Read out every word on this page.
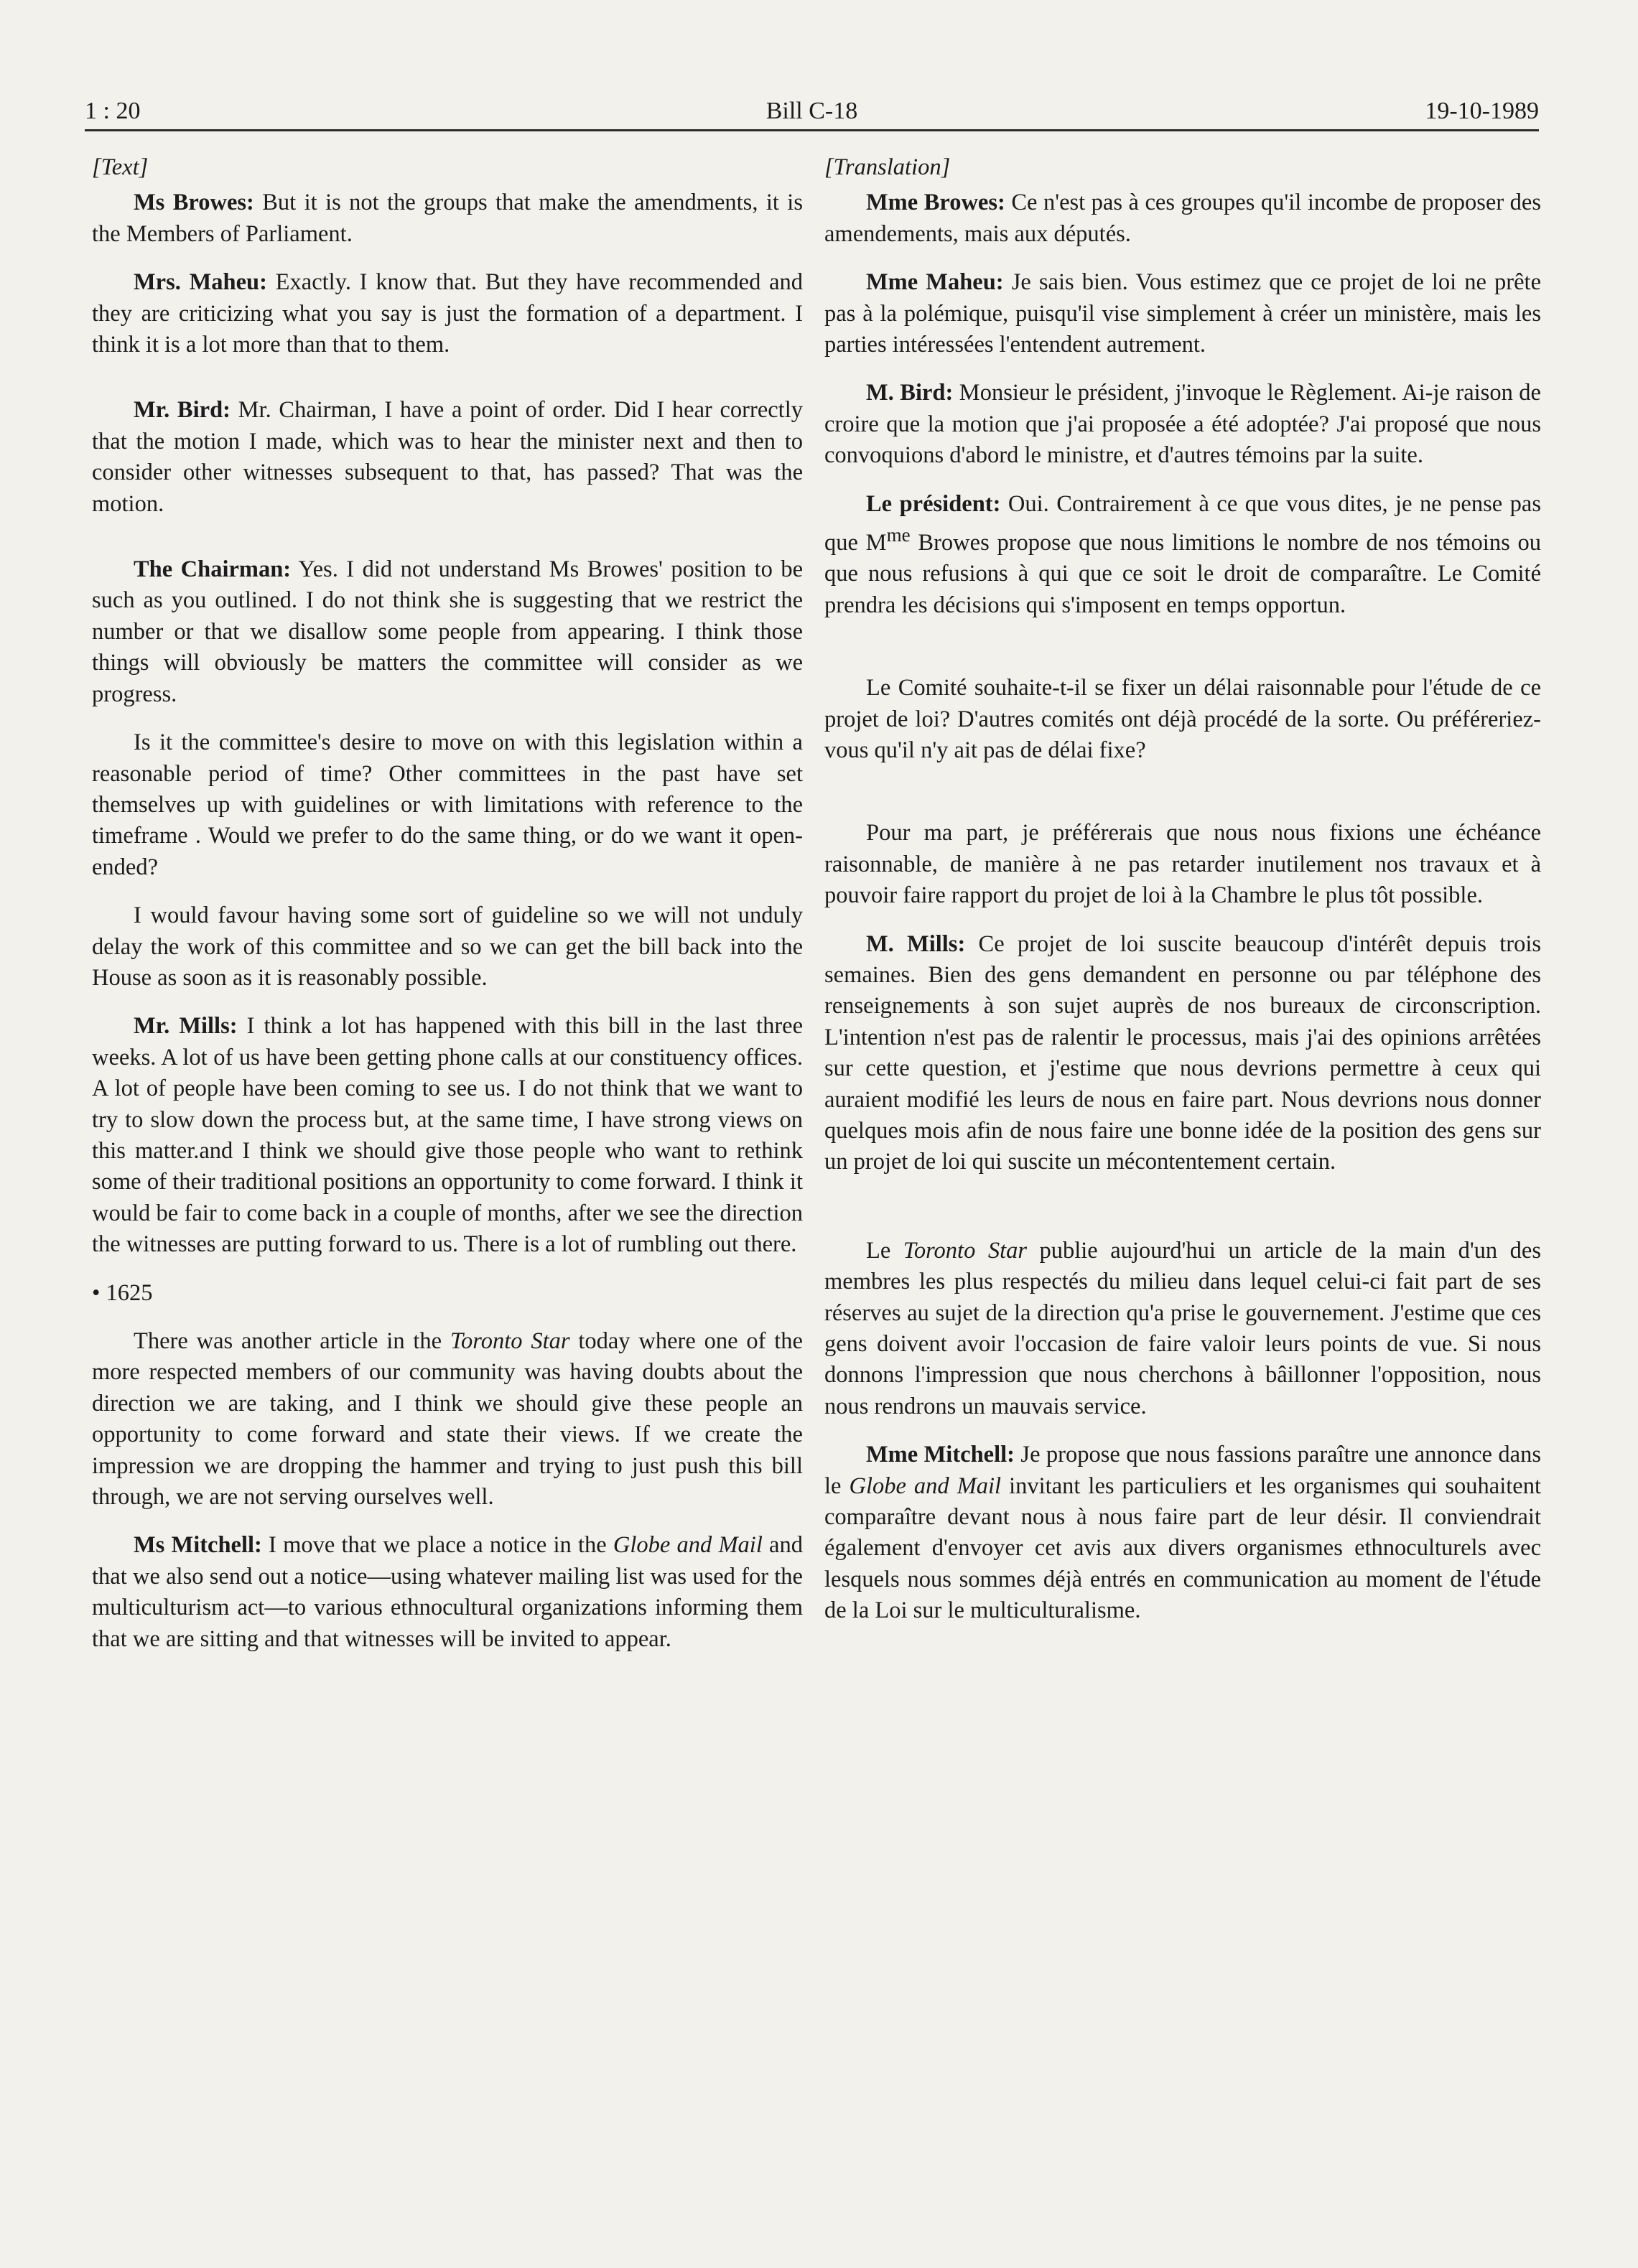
1 : 20	Bill C-18	19-10-1989

[Text]

Ms Browes: But it is not the groups that make the amendments, it is the Members of Parliament.

Mrs. Maheu: Exactly. I know that. But they have recommended and they are criticizing what you say is just the formation of a department. I think it is a lot more than that to them.

Mr. Bird: Mr. Chairman, I have a point of order. Did I hear correctly that the motion I made, which was to hear the minister next and then to consider other witnesses subsequent to that, has passed? That was the motion.

The Chairman: Yes. I did not understand Ms Browes' position to be such as you outlined. I do not think she is suggesting that we restrict the number or that we disallow some people from appearing. I think those things will obviously be matters the committee will consider as we progress.

Is it the committee's desire to move on with this legislation within a reasonable period of time? Other committees in the past have set themselves up with guidelines or with limitations with reference to the timeframe . Would we prefer to do the same thing, or do we want it open-ended?

I would favour having some sort of guideline so we will not unduly delay the work of this committee and so we can get the bill back into the House as soon as it is reasonably possible.

Mr. Mills: I think a lot has happened with this bill in the last three weeks. A lot of us have been getting phone calls at our constituency offices. A lot of people have been coming to see us. I do not think that we want to try to slow down the process but, at the same time, I have strong views on this matter.and I think we should give those people who want to rethink some of their traditional positions an opportunity to come forward. I think it would be fair to come back in a couple of months, after we see the direction the witnesses are putting forward to us. There is a lot of rumbling out there.

• 1625

There was another article in the Toronto Star today where one of the more respected members of our community was having doubts about the direction we are taking, and I think we should give these people an opportunity to come forward and state their views. If we create the impression we are dropping the hammer and trying to just push this bill through, we are not serving ourselves well.

Ms Mitchell: I move that we place a notice in the Globe and Mail and that we also send out a notice—using whatever mailing list was used for the multiculturism act—to various ethnocultural organizations informing them that we are sitting and that witnesses will be invited to appear.

[Translation]

Mme Browes: Ce n'est pas à ces groupes qu'il incombe de proposer des amendements, mais aux députés.

Mme Maheu: Je sais bien. Vous estimez que ce projet de loi ne prête pas à la polémique, puisqu'il vise simplement à créer un ministère, mais les parties intéressées l'entendent autrement.

M. Bird: Monsieur le président, j'invoque le Règlement. Ai-je raison de croire que la motion que j'ai proposée a été adoptée? J'ai proposé que nous convoquions d'abord le ministre, et d'autres témoins par la suite.

Le président: Oui. Contrairement à ce que vous dites, je ne pense pas que $M^{me}$ Browes propose que nous limitions le nombre de nos témoins ou que nous refusions à qui que ce soit le droit de comparaître. Le Comité prendra les décisions qui s'imposent en temps opportun.

Le Comité souhaite-t-il se fixer un délai raisonnable pour l'étude de ce projet de loi? D'autres comités ont déjà procédé de la sorte. Ou préféreriez-vous qu'il n'y ait pas de délai fixe?

Pour ma part, je préférerais que nous nous fixions une échéance raisonnable, de manière à ne pas retarder inutilement nos travaux et à pouvoir faire rapport du projet de loi à la Chambre le plus tôt possible.

M. Mills: Ce projet de loi suscite beaucoup d'intérêt depuis trois semaines. Bien des gens demandent en personne ou par téléphone des renseignements à son sujet auprès de nos bureaux de circonscription. L'intention n'est pas de ralentir le processus, mais j'ai des opinions arrêtées sur cette question, et j'estime que nous devrions permettre à ceux qui auraient modifié les leurs de nous en faire part. Nous devrions nous donner quelques mois afin de nous faire une bonne idée de la position des gens sur un projet de loi qui suscite un mécontentement certain.

Le Toronto Star publie aujourd'hui un article de la main d'un des membres les plus respectés du milieu dans lequel celui-ci fait part de ses réserves au sujet de la direction qu'a prise le gouvernement. J'estime que ces gens doivent avoir l'occasion de faire valoir leurs points de vue. Si nous donnons l'impression que nous cherchons à bâillonner l'opposition, nous nous rendrons un mauvais service.

Mme Mitchell: Je propose que nous fassions paraître une annonce dans le Globe and Mail invitant les particuliers et les organismes qui souhaitent comparaître devant nous à nous faire part de leur désir. Il conviendrait également d'envoyer cet avis aux divers organismes ethnoculturels avec lesquels nous sommes déjà entrés en communication au moment de l'étude de la Loi sur le multiculturalisme.
